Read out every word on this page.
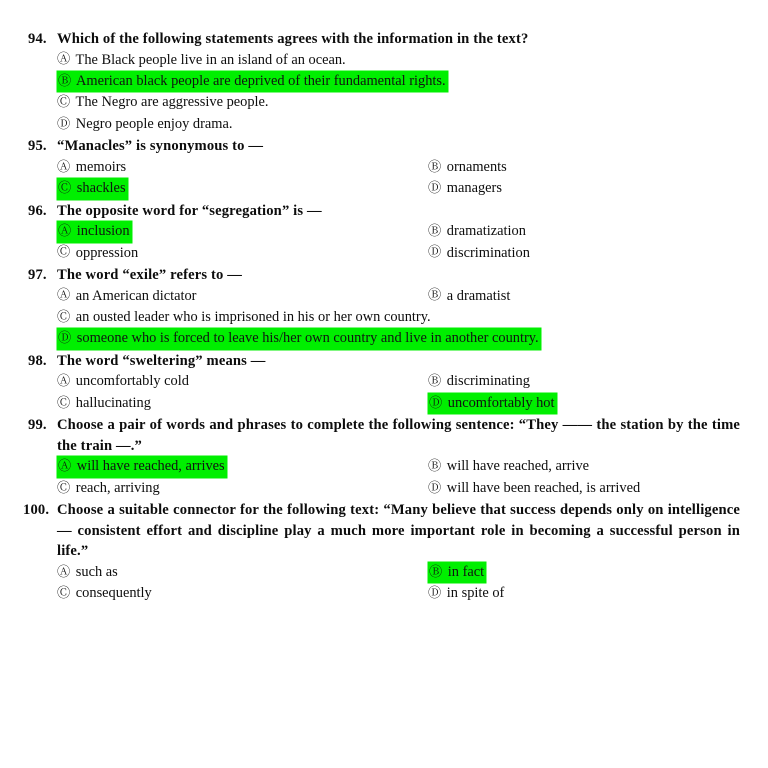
94. Which of the following statements agrees with the information in the text?
Ⓐ The Black people live in an island of an ocean.
Ⓑ American black people are deprived of their fundamental rights.
Ⓒ The Negro are aggressive people.
Ⓓ Negro people enjoy drama.
95. “Manacles” is synonymous to —
Ⓐ memoirs	Ⓑ ornaments
Ⓒ shackles	Ⓓ managers
96. The opposite word for “segregation” is —
Ⓐ inclusion	Ⓑ dramatization
Ⓒ oppression	Ⓓ discrimination
97. The word “exile” refers to —
Ⓐ an American dictator	Ⓑ a dramatist
Ⓒ an ousted leader who is imprisoned in his or her own country.
Ⓓ someone who is forced to leave his/her own country and live in another country.
98. The word “sweltering” means —
Ⓐ uncomfortably cold	Ⓑ discriminating
Ⓒ hallucinating	Ⓓ uncomfortably hot
99. Choose a pair of words and phrases to complete the following sentence: “They —— the station by the time the train —.”
Ⓐ will have reached, arrives	Ⓑ will have reached, arrive
Ⓒ reach, arriving	Ⓓ will have been reached, is arrived
100. Choose a suitable connector for the following text: “Many believe that success depends only on intelligence — consistent effort and discipline play a much more important role in becoming a successful person in life.”
Ⓐ such as	Ⓑ in fact
Ⓒ consequently	Ⓓ in spite of
